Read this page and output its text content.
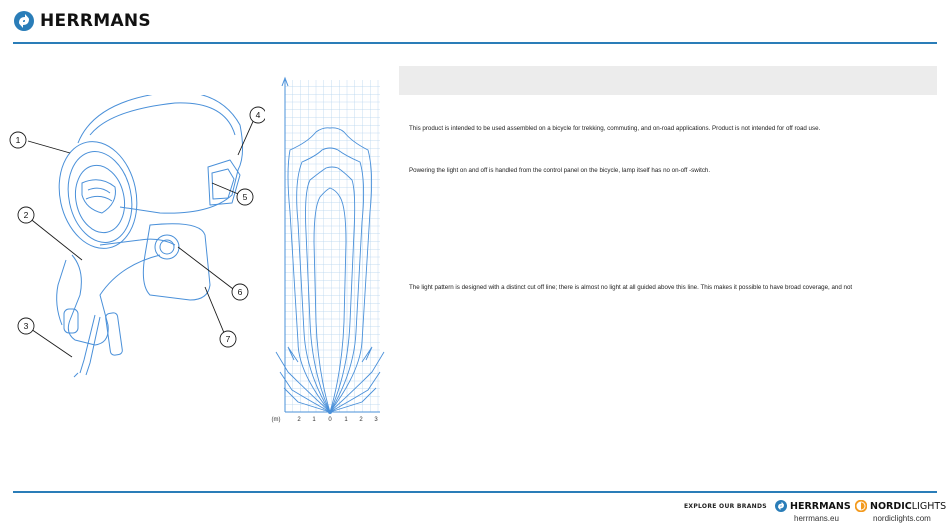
HERRMANS
1
2
3
4
5
6
7
(m)	2 1 0 1 2 3
This product is intended to be used assembled on a bicycle for trekking, commuting, and on-road applications. Product is not intended for off road use.
Powering the light on and off is handled from the control panel on the bicycle, lamp itself has no on-off -switch.
The light pattern is designed with a distinct cut off line; there is almost no light at all guided above this line. This makes it possible to have broad coverage, and not
EXPLORE OUR BRANDS HERRMANS
herrmans.eu
NORDICLIGHTS
nordiclights.com
